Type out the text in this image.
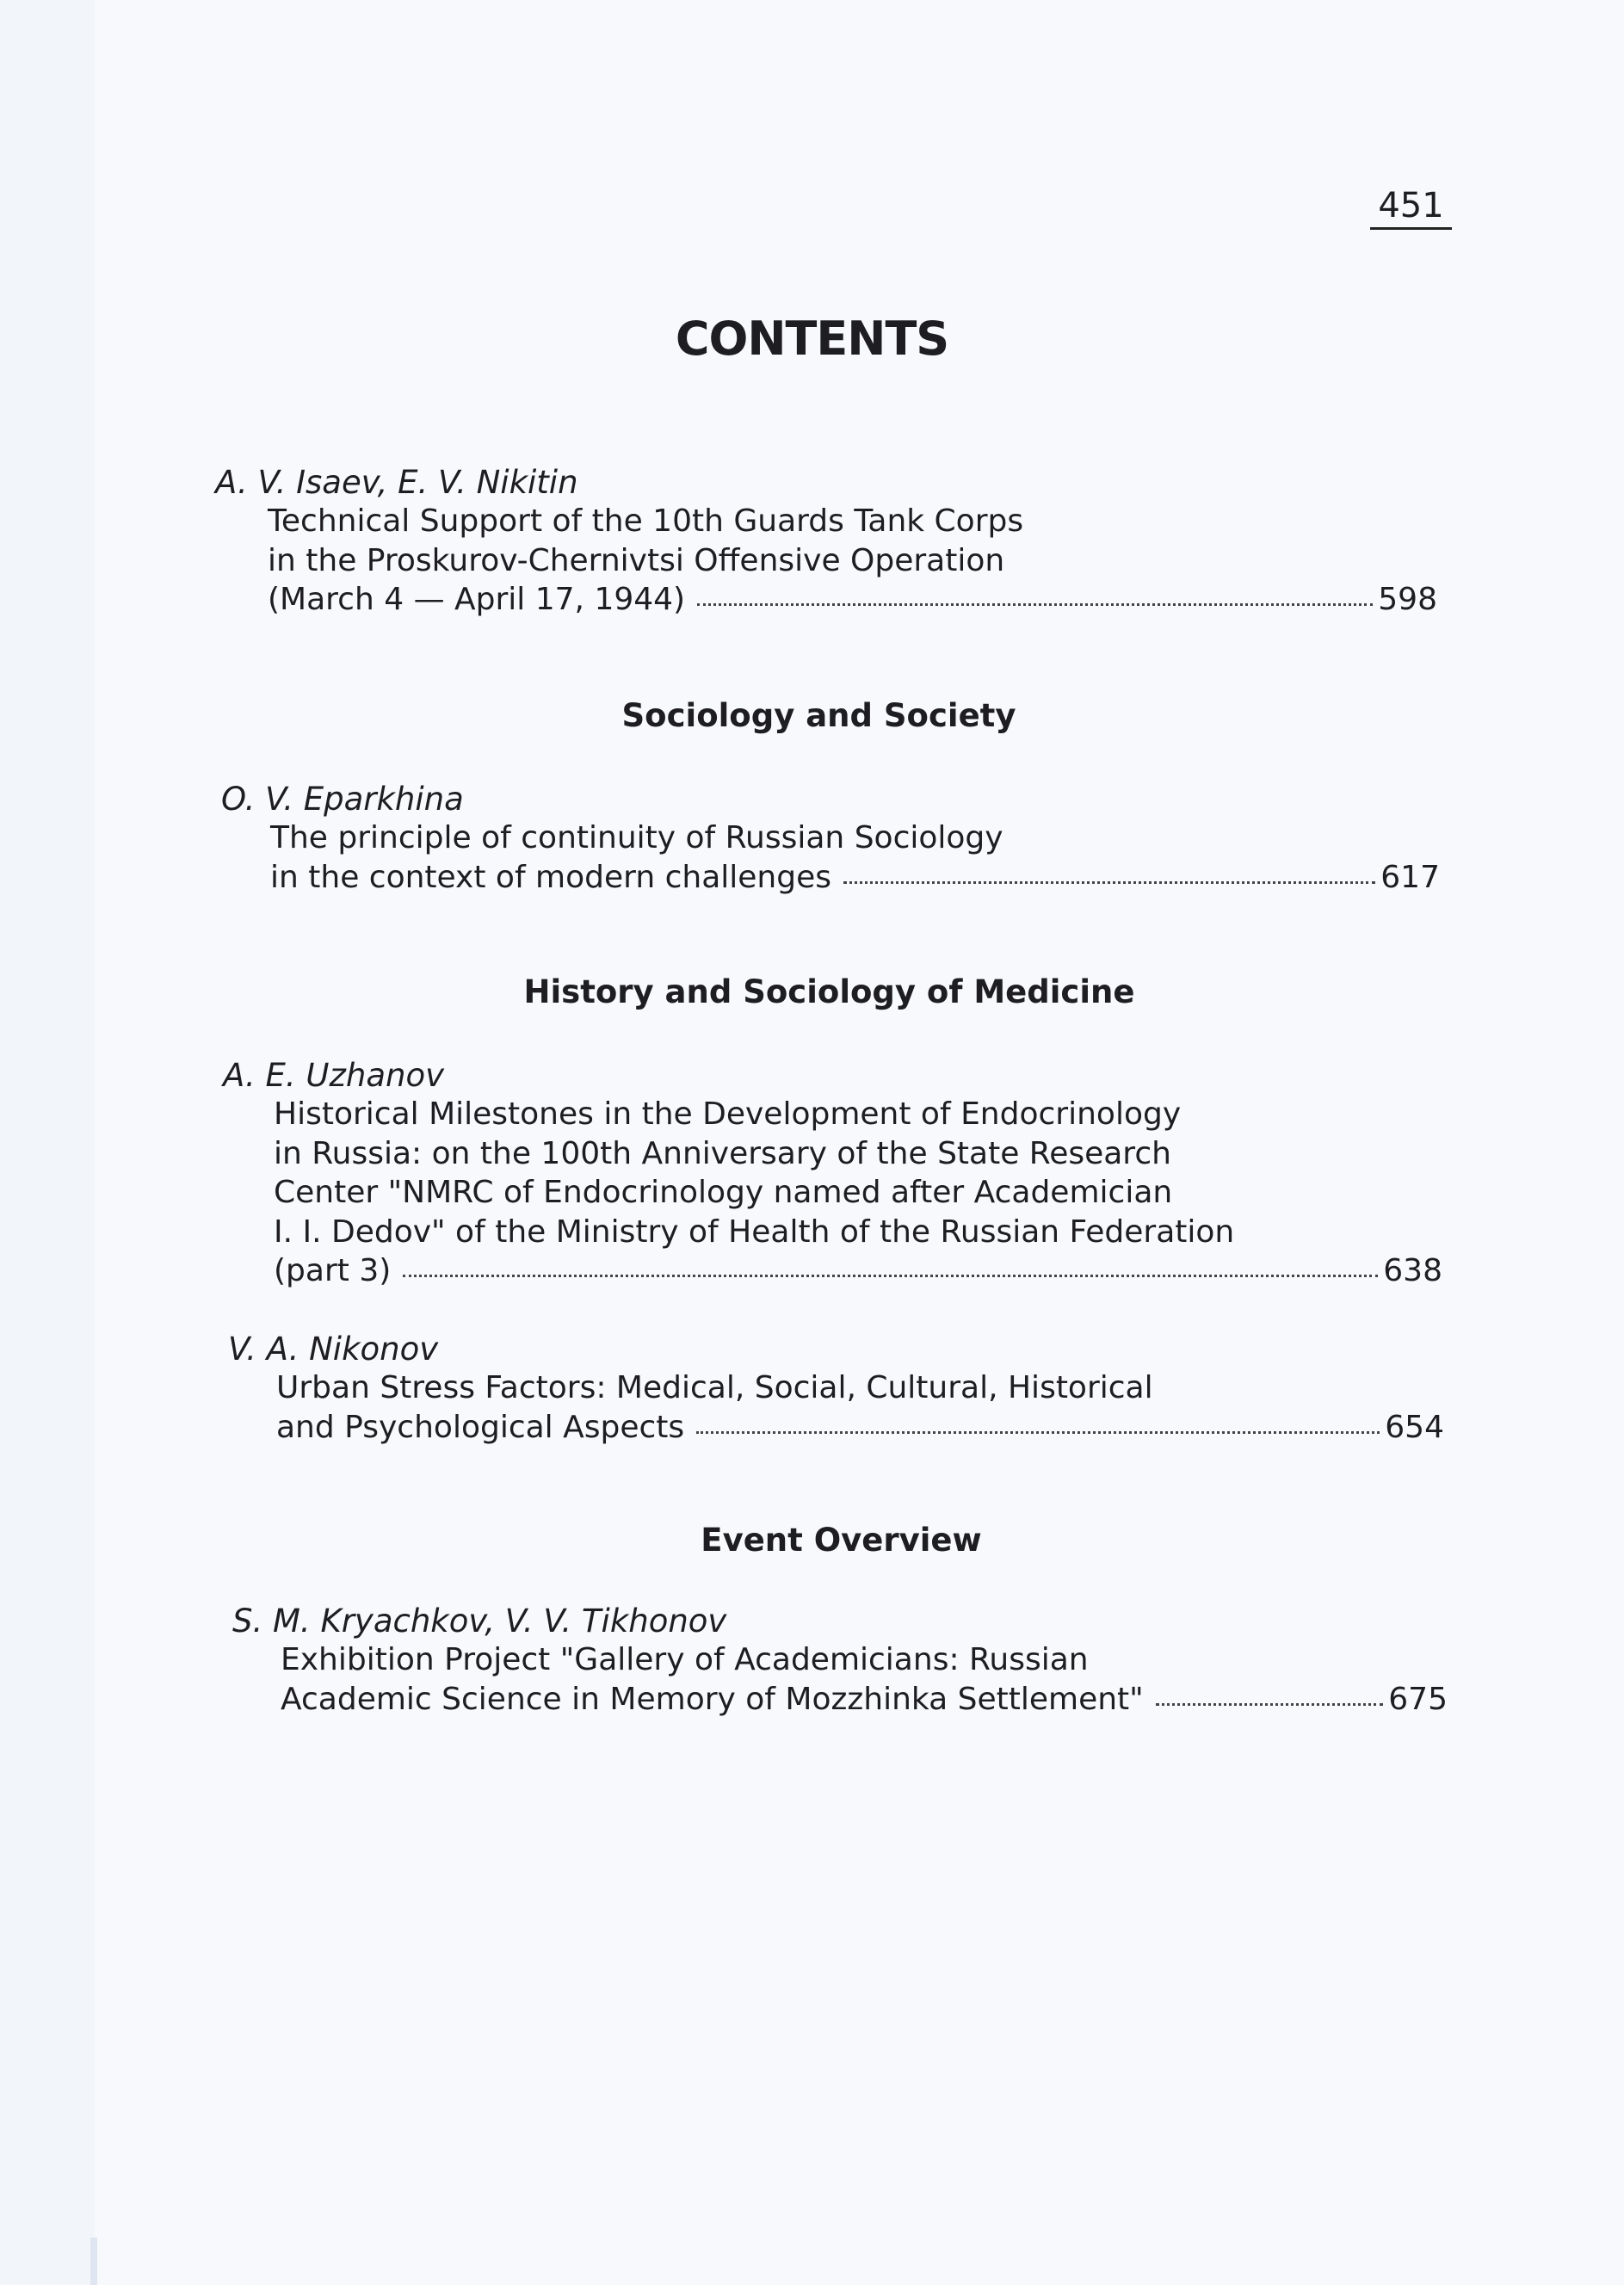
451
CONTENTS
A. V. Isaev, E. V. Nikitin
Technical Support of the 10th Guards Tank Corps
in the Proskurov-Chernivtsi Offensive Operation
(March 4 — April 17, 1944)	598
Sociology and Society
O. V. Eparkhina
The principle of continuity of Russian Sociology
in the context of modern challenges	617
History and Sociology of Medicine
A. E. Uzhanov
Historical Milestones in the Development of Endocrinology
in Russia: on the 100th Anniversary of the State Research
Center "NMRC of Endocrinology named after Academician
I. I. Dedov" of the Ministry of Health of the Russian Federation
(part 3)	638
V. A. Nikonov
Urban Stress Factors: Medical, Social, Cultural, Historical
and Psychological Aspects	654
Event Overview
S. M. Kryachkov, V. V. Tikhonov
Exhibition Project "Gallery of Academicians: Russian
Academic Science in Memory of Mozzhinka Settlement"	675
